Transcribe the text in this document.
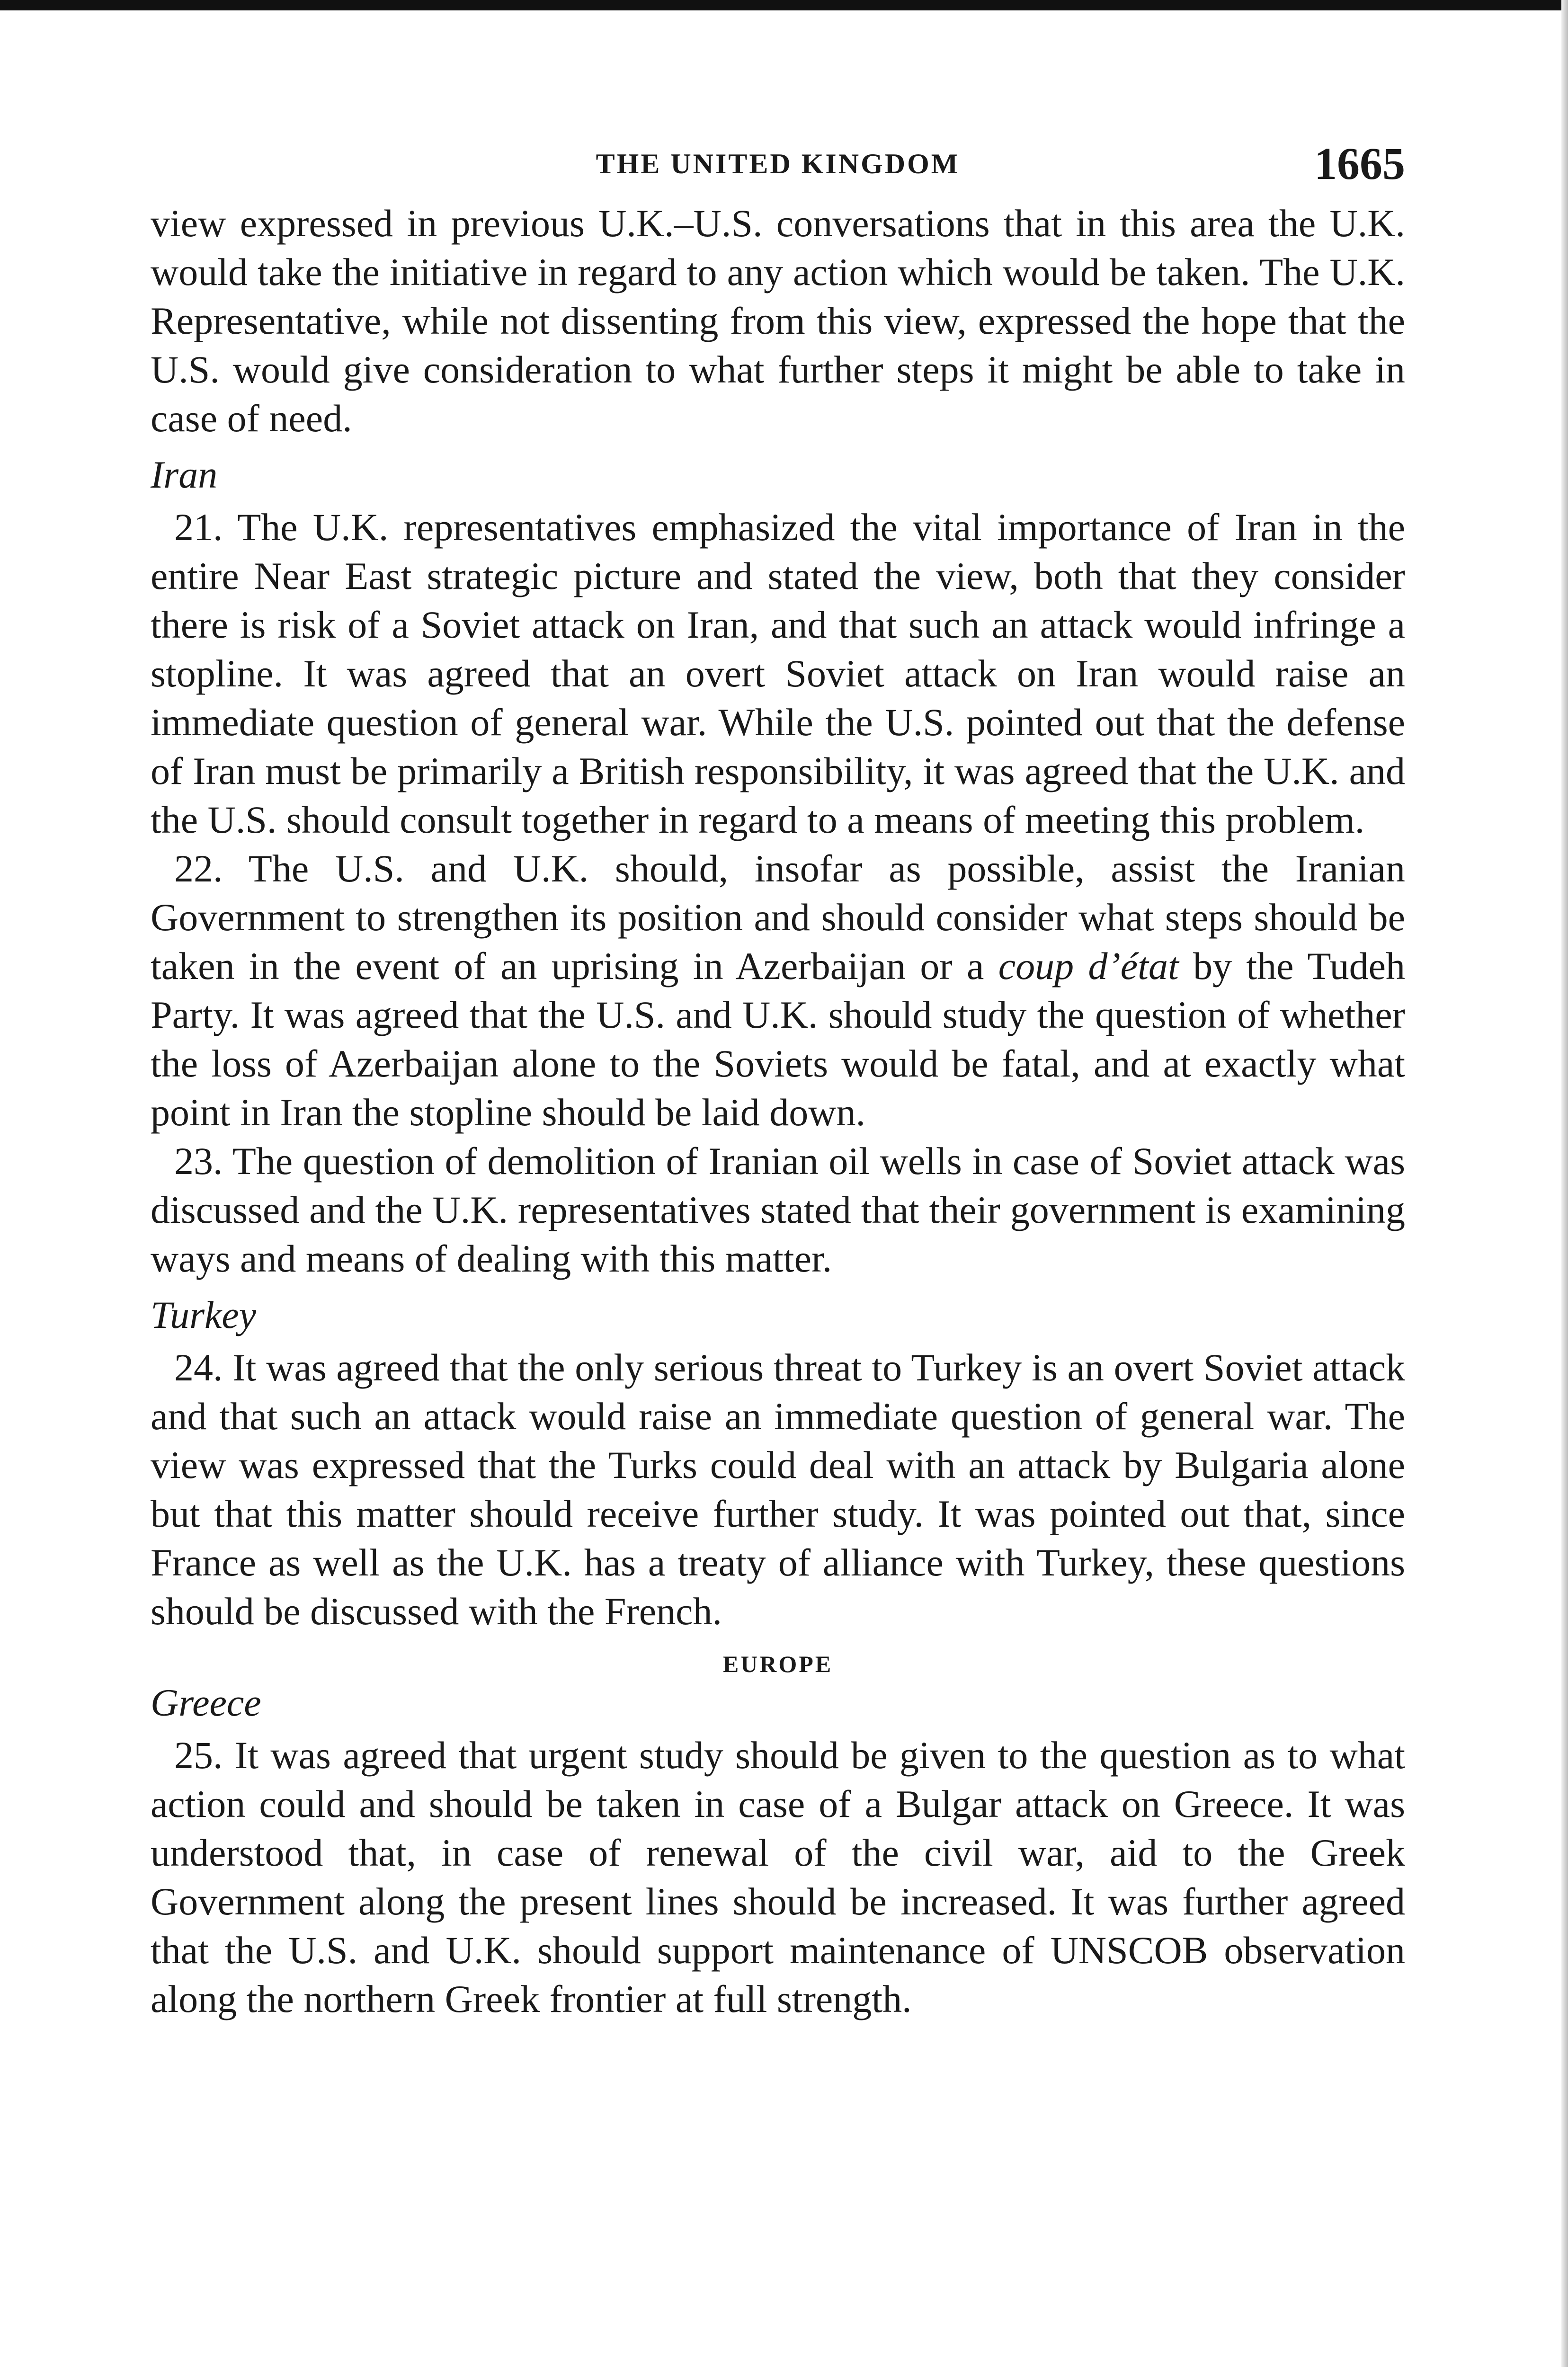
THE UNITED KINGDOM	1665

view expressed in previous U.K.–U.S. conversations that in this area the U.K. would take the initiative in regard to any action which would be taken. The U.K. Representative, while not dissenting from this view, expressed the hope that the U.S. would give consideration to what further steps it might be able to take in case of need.

Iran

21. The U.K. representatives emphasized the vital importance of Iran in the entire Near East strategic picture and stated the view, both that they consider there is risk of a Soviet attack on Iran, and that such an attack would infringe a stopline. It was agreed that an overt Soviet attack on Iran would raise an immediate question of general war. While the U.S. pointed out that the defense of Iran must be primarily a British responsibility, it was agreed that the U.K. and the U.S. should consult together in regard to a means of meeting this problem.

22. The U.S. and U.K. should, insofar as possible, assist the Iranian Government to strengthen its position and should consider what steps should be taken in the event of an uprising in Azerbaijan or a coup d’état by the Tudeh Party. It was agreed that the U.S. and U.K. should study the question of whether the loss of Azerbaijan alone to the Soviets would be fatal, and at exactly what point in Iran the stopline should be laid down.

23. The question of demolition of Iranian oil wells in case of Soviet attack was discussed and the U.K. representatives stated that their government is examining ways and means of dealing with this matter.

Turkey

24. It was agreed that the only serious threat to Turkey is an overt Soviet attack and that such an attack would raise an immediate question of general war. The view was expressed that the Turks could deal with an attack by Bulgaria alone but that this matter should receive further study. It was pointed out that, since France as well as the U.K. has a treaty of alliance with Turkey, these questions should be discussed with the French.

EUROPE
Greece

25. It was agreed that urgent study should be given to the question as to what action could and should be taken in case of a Bulgar attack on Greece. It was understood that, in case of renewal of the civil war, aid to the Greek Government along the present lines should be increased. It was further agreed that the U.S. and U.K. should support maintenance of UNSCOB observation along the northern Greek frontier at full strength.
